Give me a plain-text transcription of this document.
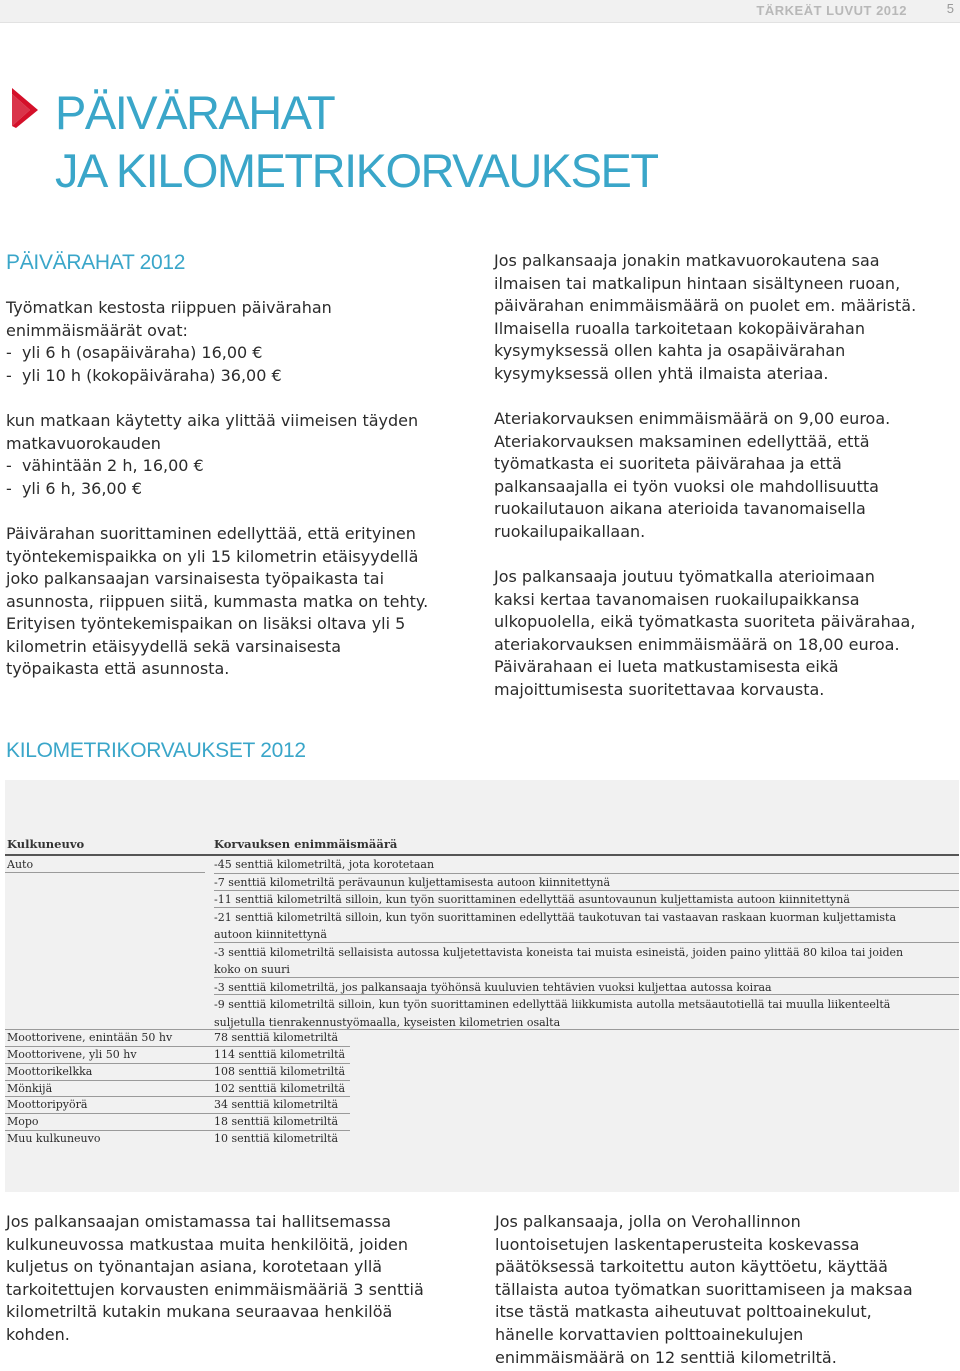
TÄRKEÄT LUVUT 2012	5
PÄIVÄRAHAT
JA KILOMETRIKORVAUKSET
PÄIVÄRAHAT 2012

Työmatkan kestosta riippuen päivärahan

enimmäismäärät ovat:

-  yli 6 h (osapäiväraha) 16,00 €

-  yli 10 h (kokopäiväraha) 36,00 €

kun matkaan käytetty aika ylittää viimeisen täyden

matkavuorokauden

-  vähintään 2 h, 16,00 €

-  yli 6 h, 36,00 €

Päivärahan suorittaminen edellyttää, että erityinen

työntekemispaikka on yli 15 kilometrin etäisyydellä

joko palkansaajan varsinaisesta työpaikasta tai

asunnosta, riippuen siitä, kummasta matka on tehty.

Erityisen työntekemispaikan on lisäksi oltava yli 5

kilometrin etäisyydellä sekä varsinaisesta

työpaikasta että asunnosta.

Jos palkansaaja jonakin matkavuorokautena saa

ilmaisen tai matkalipun hintaan sisältyneen ruoan,

päivärahan enimmäismäärä on puolet em. määristä.

Ilmaisella ruoalla tarkoitetaan kokopäivärahan

kysymyksessä ollen kahta ja osapäivärahan

kysymyksessä ollen yhtä ilmaista ateriaa.

Ateriakorvauksen enimmäismäärä on 9,00 euroa.

Ateriakorvauksen maksaminen edellyttää, että

työmatkasta ei suoriteta päivärahaa ja että

palkansaajalla ei työn vuoksi ole mahdollisuutta

ruokailutauon aikana aterioida tavanomaisella

ruokailupaikallaan.

Jos palkansaaja joutuu työmatkalla aterioimaan

kaksi kertaa tavanomaisen ruokailupaikkansa

ulkopuolella, eikä työmatkasta suoriteta päivärahaa,

ateriakorvauksen enimmäismäärä on 18,00 euroa.

Päivärahaan ei lueta matkustamisesta eikä

majoittumisesta suoritettavaa korvausta.

KILOMETRIKORVAUKSET 2012
Kulkuneuvo	Korvauksen enimmäismäärä
Auto	-45 senttiä kilometriltä, jota korotetaan
-7 senttiä kilometriltä perävaunun kuljettamisesta autoon kiinnitettynä
-11 senttiä kilometriltä silloin, kun työn suorittaminen edellyttää asuntovaunun kuljettamista autoon kiinnitettynä
-21 senttiä kilometriltä silloin, kun työn suorittaminen edellyttää taukotuvan tai vastaavan raskaan kuorman kuljettamista
autoon kiinnitettynä
-3 senttiä kilometriltä sellaisista autossa kuljetettavista koneista tai muista esineistä, joiden paino ylittää 80 kiloa tai joiden
koko on suuri
-3 senttiä kilometriltä, jos palkansaaja työhönsä kuuluvien tehtävien vuoksi kuljettaa autossa koiraa
-9 senttiä kilometriltä silloin, kun työn suorittaminen edellyttää liikkumista autolla metsäautotiellä tai muulla liikenteeltä
suljetulla tienrakennustyömaalla, kyseisten kilometrien osalta
Moottorivene, enintään 50 hv	78 senttiä kilometriltä
Moottorivene, yli 50 hv	114 senttiä kilometriltä
Moottorikelkka	108 senttiä kilometriltä
Mönkijä	102 senttiä kilometriltä
Moottoripyörä	34 senttiä kilometriltä
Mopo	18 senttiä kilometriltä
Muu kulkuneuvo	10 senttiä kilometriltä

Jos palkansaajan omistamassa tai hallitsemassa

kulkuneuvossa matkustaa muita henkilöitä, joiden

kuljetus on työnantajan asiana, korotetaan yllä

tarkoitettujen korvausten enimmäismääriä 3 senttiä

kilometriltä kutakin mukana seuraavaa henkilöä

kohden.

Jos palkansaaja, jolla on Verohallinnon

luontoisetujen laskentaperusteita koskevassa

päätöksessä tarkoitettu auton käyttöetu, käyttää

tällaista autoa työmatkan suorittamiseen ja maksaa

itse tästä matkasta aiheutuvat polttoainekulut,

hänelle korvattavien polttoainekulujen

enimmäismäärä on 12 senttiä kilometriltä.
